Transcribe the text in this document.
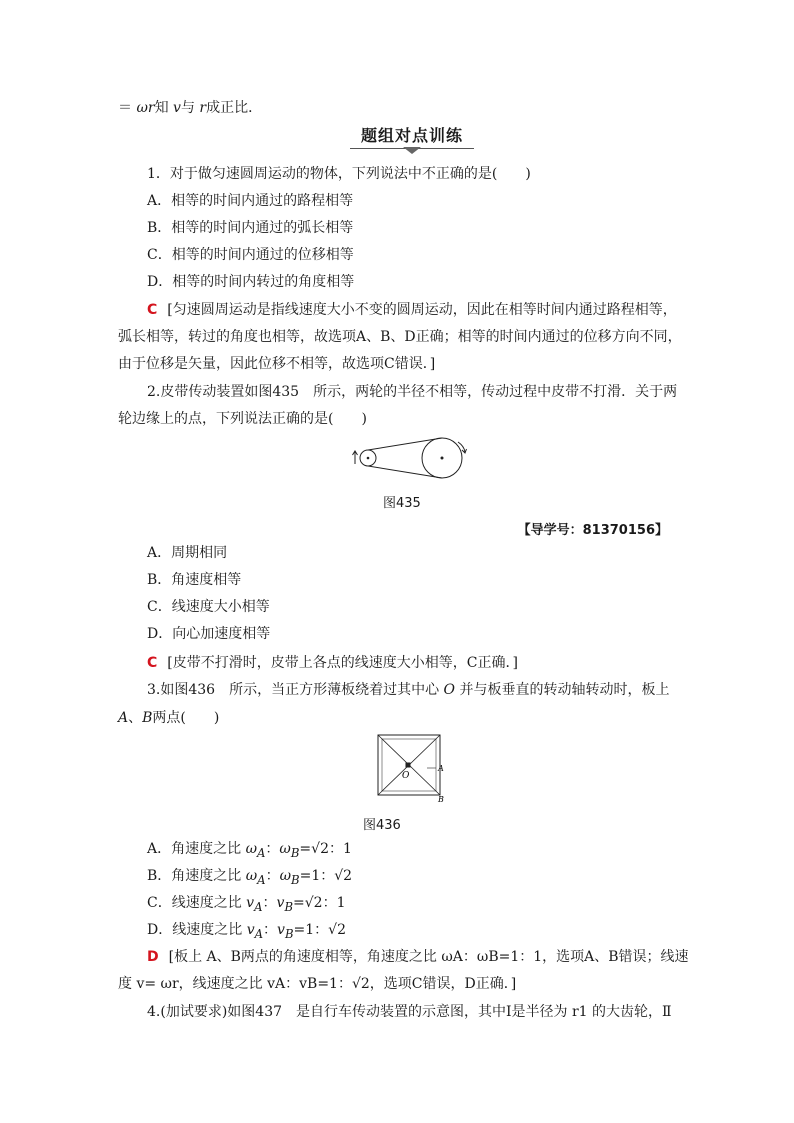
＝ ωr知 v与 r成正比．
题组对点训练
1．对于做匀速圆周运动的物体，下列说法中不正确的是(　　)
A．相等的时间内通过的路程相等
B．相等的时间内通过的弧长相等
C．相等的时间内通过的位移相等
D．相等的时间内转过的角度相等
C [匀速圆周运动是指线速度大小不变的圆周运动，因此在相等时间内通过路程相等，
弧长相等，转过的角度也相等，故选项A、B、D正确；相等的时间内通过的位移方向不同，
由于位移是矢量，因此位移不相等，故选项C错误．]
2.皮带传动装置如图435　所示，两轮的半径不相等，传动过程中皮带不打滑．关于两
轮边缘上的点，下列说法正确的是(　　)
图435
【导学号：81370156】
A．周期相同
B．角速度相等
C．线速度大小相等
D．向心加速度相等
C [皮带不打滑时，皮带上各点的线速度大小相等，C正确．]
3.如图436　所示，当正方形薄板绕着过其中心 O 并与板垂直的转动轴转动时，板上
A、B两点(　　)
O
A
B
图436
A．角速度之比 $\omega_A$：$\omega_B=√2$：1
B．角速度之比 $\omega_A$：$\omega_B=1$：√2
C．线速度之比 $v_A$：$v_B=√2$：1
D．线速度之比 $v_A$：$v_B=1$：√2
D [板上 A、B两点的角速度相等，角速度之比 ωA：ωB=1：1，选项A、B错误；线速
度 v= ωr，线速度之比 vA：vB=1：√2，选项C错误，D正确．]
4.(加试要求)如图437　是自行车传动装置的示意图，其中Ⅰ是半径为 r1 的大齿轮，Ⅱ
